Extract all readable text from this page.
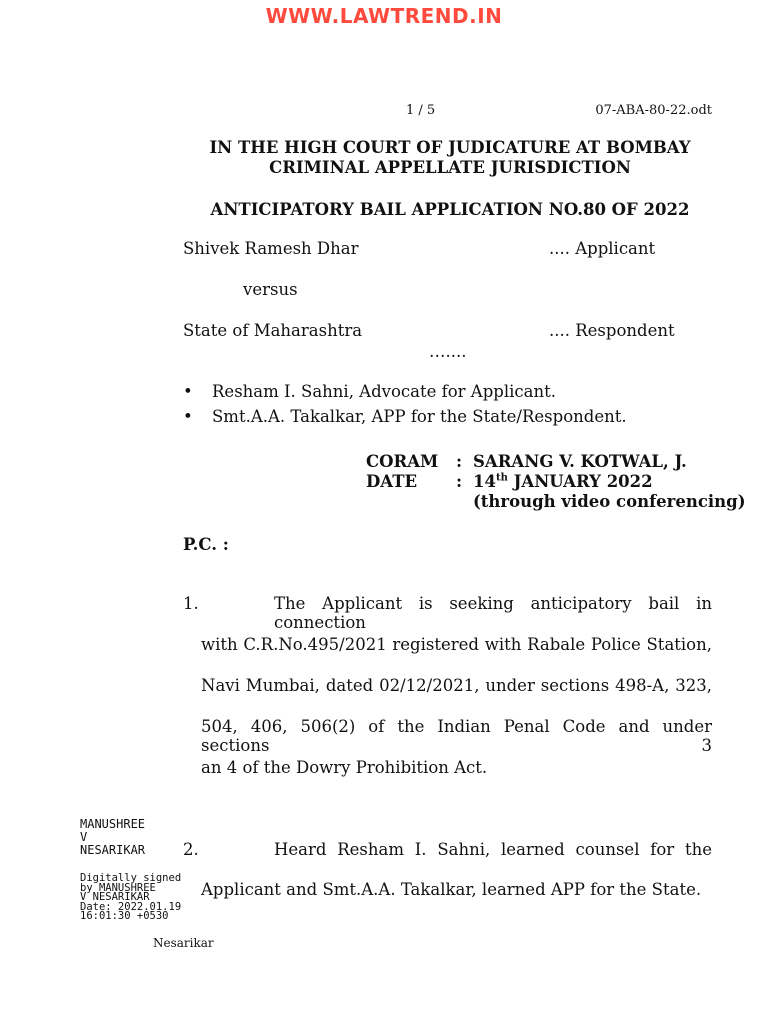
WWW.LAWTREND.IN
1 / 5	07-ABA-80-22.odt
IN THE HIGH COURT OF JUDICATURE AT BOMBAY
CRIMINAL APPELLATE JURISDICTION
ANTICIPATORY BAIL APPLICATION NO.80 OF 2022
Shivek Ramesh Dhar	.... Applicant
versus
State of Maharashtra	.... Respondent
…....
• Resham I. Sahni, Advocate for Applicant.
• Smt.A.A. Takalkar, APP for the State/Respondent.
CORAM : SARANG V. KOTWAL, J.
DATE : 14th JANUARY 2022
(through video conferencing)
P.C. :
1.	The Applicant is seeking anticipatory bail in connection
with C.R.No.495/2021 registered with Rabale Police Station,
Navi Mumbai, dated 02/12/2021, under sections 498-A, 323,
504, 406, 506(2) of the Indian Penal Code and under sections 3
an 4 of the Dowry Prohibition Act.
MANUSHREE
V
NESARIKAR
Digitally signed
by MANUSHREE
V NESARIKAR
Date: 2022.01.19
16:01:30 +0530
Nesarikar
2.	Heard Resham I. Sahni, learned counsel for the
Applicant and Smt.A.A. Takalkar, learned APP for the State.
